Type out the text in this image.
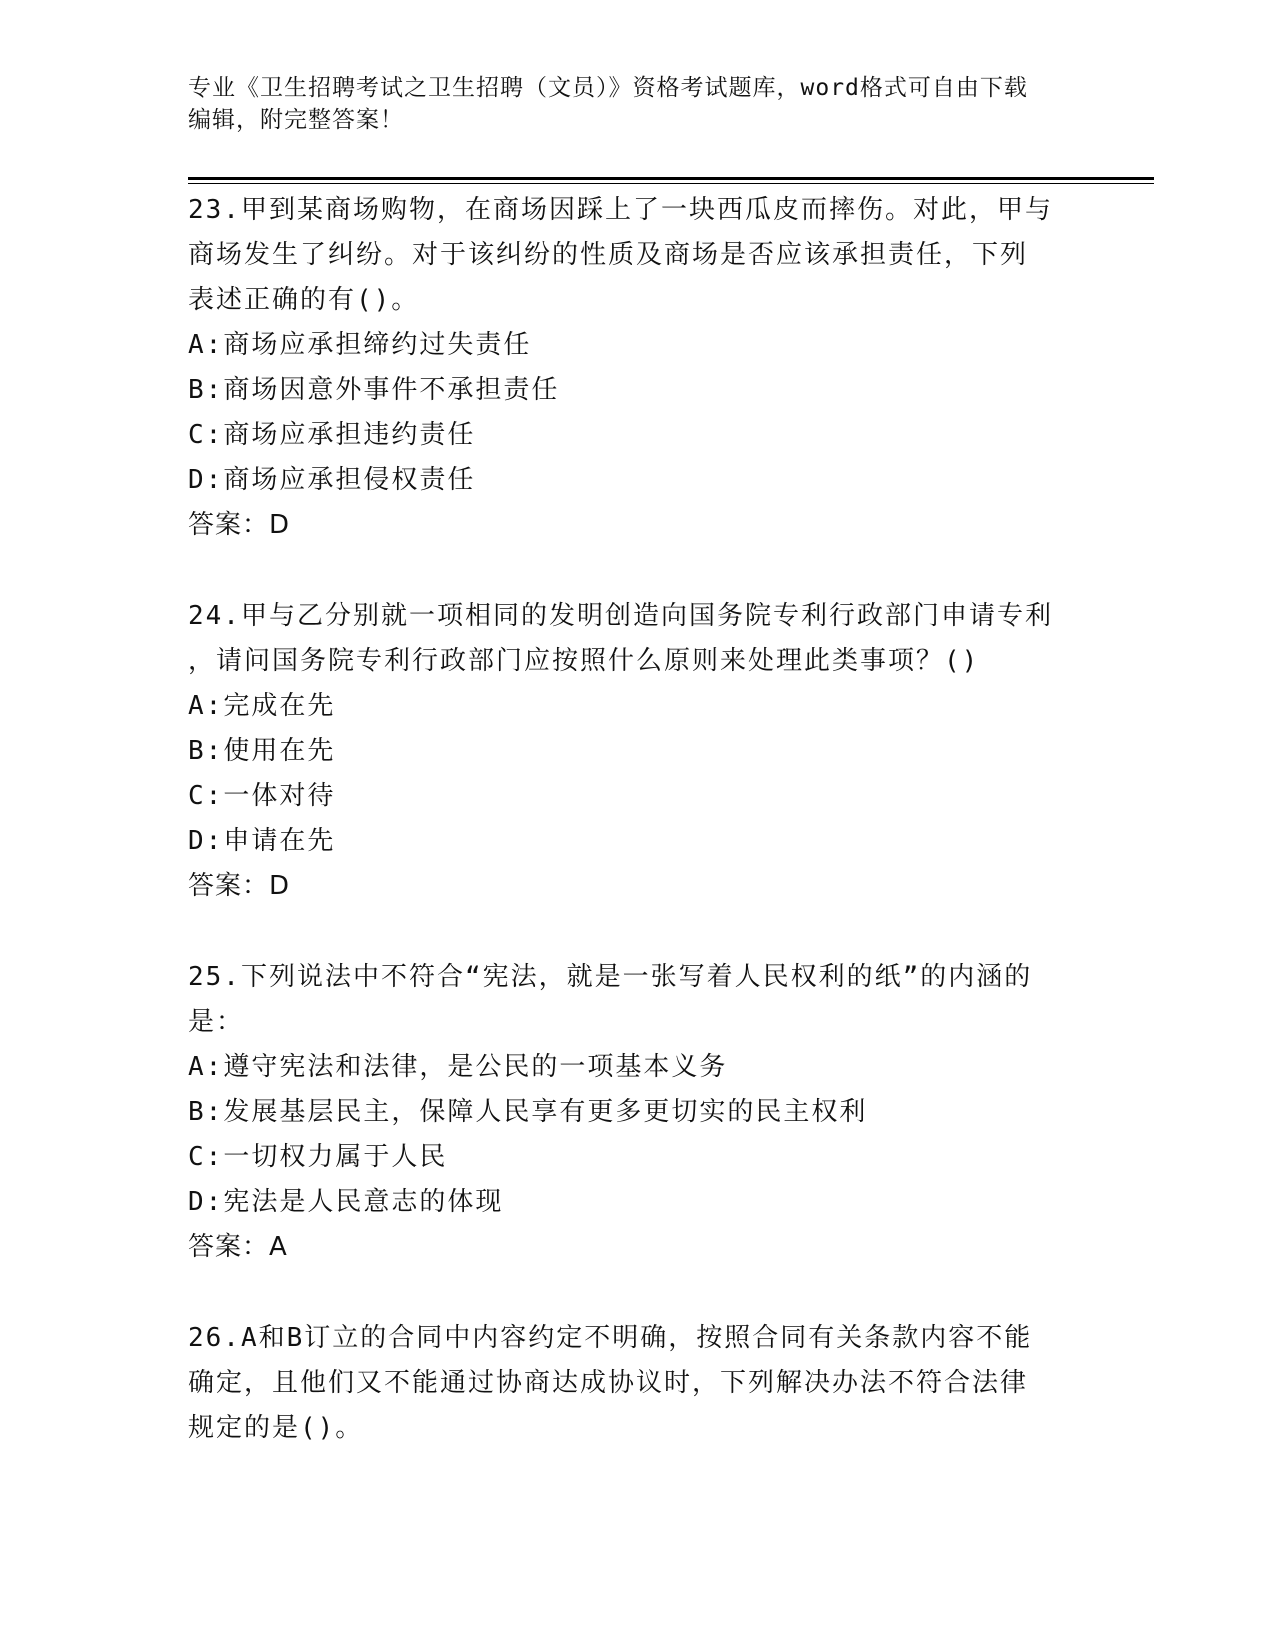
专业《卫生招聘考试之卫生招聘（文员）》资格考试题库，word格式可自由下载
编辑，附完整答案！
23.甲到某商场购物，在商场因踩上了一块西瓜皮而摔伤。对此，甲与
商场发生了纠纷。对于该纠纷的性质及商场是否应该承担责任，下列
表述正确的有()。
A:商场应承担缔约过失责任
B:商场因意外事件不承担责任
C:商场应承担违约责任
D:商场应承担侵权责任
答案：D
24.甲与乙分别就一项相同的发明创造向国务院专利行政部门申请专利
，请问国务院专利行政部门应按照什么原则来处理此类事项？()
A:完成在先
B:使用在先
C:一体对待
D:申请在先
答案：D
25.下列说法中不符合“宪法，就是一张写着人民权利的纸”的内涵的
是：
A:遵守宪法和法律，是公民的一项基本义务
B:发展基层民主，保障人民享有更多更切实的民主权利
C:一切权力属于人民
D:宪法是人民意志的体现
答案：A
26.A和B订立的合同中内容约定不明确，按照合同有关条款内容不能
确定，且他们又不能通过协商达成协议时，下列解决办法不符合法律
规定的是()。
